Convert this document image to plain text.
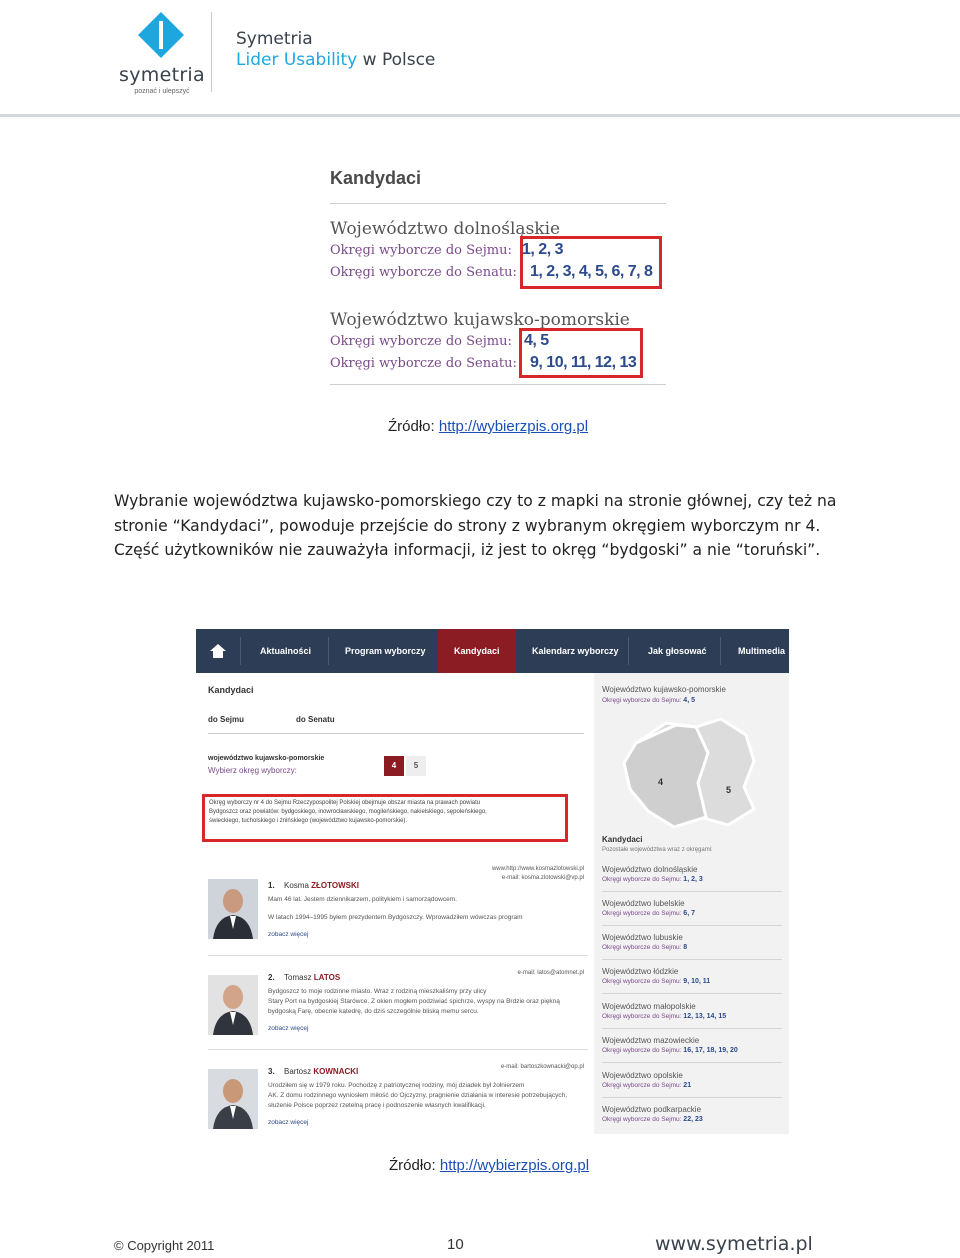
symetria
poznać i ulepszyć
Symetria
Lider Usability w Polsce
Kandydaci
Województwo dolnośląskie
Okręgi wyborcze do Sejmu: 1, 2, 3
Okręgi wyborcze do Senatu: 1, 2, 3, 4, 5, 6, 7, 8
Województwo kujawsko-pomorskie
Okręgi wyborcze do Sejmu: 4, 5
Okręgi wyborcze do Senatu: 9, 10, 11, 12, 13
Źródło: http://wybierzpis.org.pl
Wybranie województwa kujawsko-pomorskiego czy to z mapki na stronie głównej, czy też na
stronie “Kandydaci”, powoduje przejście do strony z wybranym okręgiem wyborczym nr 4.
Część użytkowników nie zauważyła informacji, iż jest to okręg “bydgoski” a nie “toruński”.
Aktualności	Program wyborczy	Kandydaci	Kalendarz wyborczy	Jak głosować	Multimedia
Kandydaci
do Sejmu	do Senatu
województwo kujawsko-pomorskie
Wybierz okręg wyborczy:
4	5
Okręg wyborczy nr 4 do Sejmu Rzeczypospolitej Polskiej obejmuje obszar miasta na prawach powiatu
Bydgoszcz oraz powiatów: bydgoskiego, inowrocławskiego, mogileńskiego, nakielskiego, sępoleńskiego,
świeckiego, tucholskiego i żnińskiego (województwo kujawsko-pomorskie).
www.http://www.kosmazlotowski.pl
e-mail: kosma.zlotowski@vp.pl
1. Kosma ZŁOTOWSKI
Mam 46 lat. Jestem dziennikarzem, politykiem i samorządowcem.
W latach 1994–1995 byłem prezydentem Bydgoszczy. Wprowadziłem wówczas program
zobacz więcej
e-mail: latos@atomnet.pl
2. Tomasz LATOS
Bydgoszcz to moje rodzinne miasto. Wraz z rodziną mieszkaliśmy przy ulicy
Stary Port na bydgoskiej Starówce. Z okien mogłem podziwiać spichrze, wyspy na Brdzie oraz piękną bydgoską Farę, obecnie katedrę, do dziś szczególnie bliską memu sercu.
zobacz więcej
e-mail: bartoszkownacki@op.pl
3. Bartosz KOWNACKI
Urodziłem się w 1979 roku. Pochodzę z patriotycznej rodziny, mój dziadek był żołnierzem
AK. Z domu rodzinnego wyniosłem miłość do Ojczyzny, pragnienie działania w interesie potrzebujących, służenie Polsce poprzez rzetelną pracę i podnoszenie własnych kwalifikacji.
zobacz więcej
Województwo kujawsko-pomorskie
Okręgi wyborcze do Sejmu: 4, 5
4
5
Kandydaci
Pozostałe województwa wraz z okręgami:
Województwo dolnośląskie
Okręgi wyborcze do Sejmu: 1, 2, 3
Województwo lubelskie
Okręgi wyborcze do Sejmu: 6, 7
Województwo lubuskie
Okręgi wyborcze do Sejmu: 8
Województwo łódzkie
Okręgi wyborcze do Sejmu: 9, 10, 11
Województwo małopolskie
Okręgi wyborcze do Sejmu: 12, 13, 14, 15
Województwo mazowieckie
Okręgi wyborcze do Sejmu: 16, 17, 18, 19, 20
Województwo opolskie
Okręgi wyborcze do Sejmu: 21
Województwo podkarpackie
Okręgi wyborcze do Sejmu: 22, 23
Źródło: http://wybierzpis.org.pl
© Copyright 2011	10	www.symetria.pl
